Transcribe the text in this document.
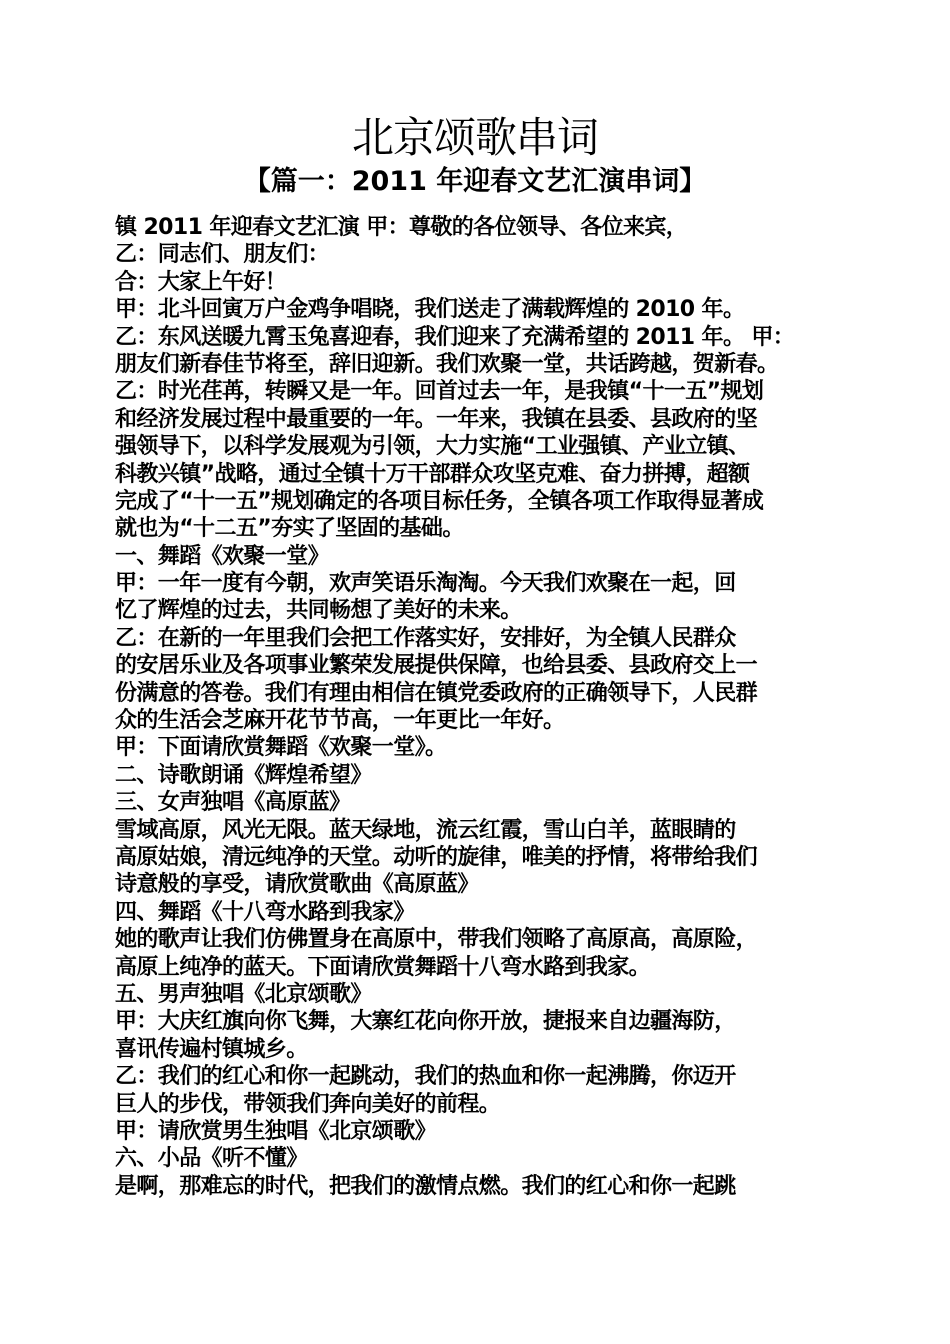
北京颂歌串词
【篇一：2011 年迎春文艺汇演串词】
镇 2011 年迎春文艺汇演 甲：尊敬的各位领导、各位来宾，
乙：同志们、朋友们：
合：大家上午好！
甲：北斗回寅万户金鸡争唱晓，我们送走了满载辉煌的 2010 年。
乙：东风送暖九霄玉兔喜迎春，我们迎来了充满希望的 2011 年。 甲：
朋友们新春佳节将至，辞旧迎新。我们欢聚一堂，共话跨越，贺新春。
乙：时光荏苒，转瞬又是一年。回首过去一年，是我镇“十一五”规划
和经济发展过程中最重要的一年。一年来，我镇在县委、县政府的坚
强领导下，以科学发展观为引领，大力实施“工业强镇、产业立镇、
科教兴镇”战略，通过全镇十万干部群众攻坚克难、奋力拼搏，超额
完成了“十一五”规划确定的各项目标任务，全镇各项工作取得显著成
就也为“十二五”夯实了坚固的基础。
一、舞蹈《欢聚一堂》
甲：一年一度有今朝，欢声笑语乐淘淘。今天我们欢聚在一起，回
忆了辉煌的过去，共同畅想了美好的未来。
乙：在新的一年里我们会把工作落实好，安排好，为全镇人民群众
的安居乐业及各项事业繁荣发展提供保障，也给县委、县政府交上一
份满意的答卷。我们有理由相信在镇党委政府的正确领导下，人民群
众的生活会芝麻开花节节高，一年更比一年好。
甲：下面请欣赏舞蹈《欢聚一堂》。
二、诗歌朗诵《辉煌希望》
三、女声独唱《高原蓝》
雪域高原，风光无限。蓝天绿地，流云红霞，雪山白羊，蓝眼睛的
高原姑娘，清远纯净的天堂。动听的旋律，唯美的抒情，将带给我们
诗意般的享受，请欣赏歌曲《高原蓝》
四、舞蹈《十八弯水路到我家》
她的歌声让我们仿佛置身在高原中，带我们领略了高原高，高原险，
高原上纯净的蓝天。下面请欣赏舞蹈十八弯水路到我家。
五、男声独唱《北京颂歌》
甲：大庆红旗向你飞舞，大寨红花向你开放，捷报来自边疆海防，
喜讯传遍村镇城乡。
乙：我们的红心和你一起跳动，我们的热血和你一起沸腾，你迈开
巨人的步伐，带领我们奔向美好的前程。
甲：请欣赏男生独唱《北京颂歌》
六、小品《听不懂》
是啊，那难忘的时代，把我们的激情点燃。我们的红心和你一起跳
